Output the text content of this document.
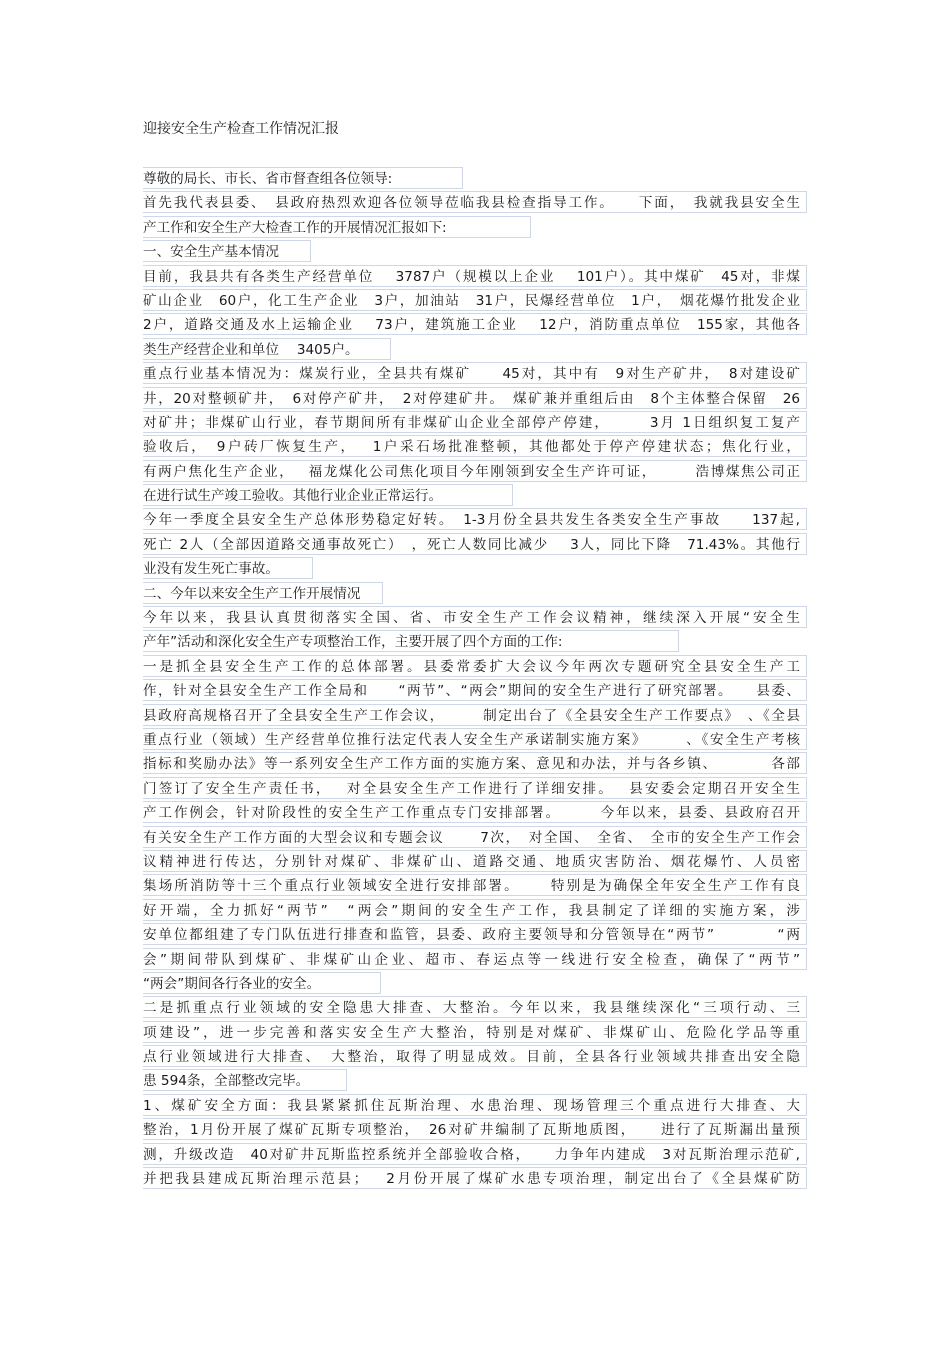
迎接安全生产检查工作情况汇报
尊敬的局长、市长、省市督查组各位领导:
首先我代表县委、　县政府热烈欢迎各位领导莅临我县检查指导工作。　　下面，　我就我县安全生
产工作和安全生产大检查工作的开展情况汇报如下:
一、安全生产基本情况
目前，我县共有各类生产经营单位　 3787户（规模以上企业　 101户）。其中煤矿　45对，非煤
矿山企业　60户，化工生产企业　3户，加油站　31户，民爆经营单位　1户，　烟花爆竹批发企业
2户，道路交通及水上运输企业　 73户，建筑施工企业　 12户，消防重点单位　155家，其他各
类生产经营企业和单位　 3405户。
重点行业基本情况为：煤炭行业，全县共有煤矿　　45对，其中有　9对生产矿井，　8对建设矿
井，20对整顿矿井，　6对停产矿井，　2对停建矿井。　煤矿兼并重组后由　8个主体整合保留　26
对矿井；非煤矿山行业，春节期间所有非煤矿山企业全部停产停建，　　　3月 1日组织复工复产
验收后，　9户砖厂恢复生产，　 1户采石场批准整顿，其他都处于停产停建状态；焦化行业，
有两户焦化生产企业，　 福龙煤化公司焦化项目今年刚领到安全生产许可证，　　　浩博煤焦公司正
在进行试生产竣工验收。其他行业企业正常运行。
今年一季度全县安全生产总体形势稳定好转。　1-3月份全县共发生各类安全生产事故　　137起,
死亡 2人（全部因道路交通事故死亡）　，死亡人数同比减少　 3人，同比下降　71.43%。其他行
业没有发生死亡事故。
二、今年以来安全生产工作开展情况
今年以来，我县认真贯彻落实全国、省、市安全生产工作会议精神，继续深入开展“安全生
产年”活动和深化安全生产专项整治工作，主要开展了四个方面的工作:
一是抓全县安全生产工作的总体部署。县委常委扩大会议今年两次专题研究全县安全生产工
作，针对全县安全生产工作全局和　　“两节”、“两会”期间的安全生产进行了研究部署。　　县委、
县政府高规格召开了全县安全生产工作会议，　　　制定出台了《全县安全生产工作要点》　、《全县
重点行业（领域）生产经营单位推行法定代表人安全生产承诺制实施方案》　　　、《安全生产考核
指标和奖励办法》等一系列安全生产工作方面的实施方案、意见和办法，并与各乡镇、　　　　各部
门签订了安全生产责任书，　 对全县安全生产工作进行了详细安排。　 县安委会定期召开安全生
产工作例会，针对阶段性的安全生产工作重点专门安排部署。　　　今年以来，县委、县政府召开
有关安全生产工作方面的大型会议和专题会议　　 7次，　对全国、　全省、　全市的安全生产工作会
议精神进行传达，分别针对煤矿、非煤矿山、道路交通、地质灾害防治、烟花爆竹、人员密
集场所消防等十三个重点行业领域安全进行安排部署。　　 特别是为确保全年安全生产工作有良
好开端，全力抓好“两节”　“两会”期间的安全生产工作，我县制定了详细的实施方案，涉
安单位都组建了专门队伍进行排查和监管，县委、政府主要领导和分管领导在“两节”　　　　“两
会”期间带队到煤矿、非煤矿山企业、超市、春运点等一线进行安全检查，确保了“两节”
“两会”期间各行各业的安全。
二是抓重点行业领域的安全隐患大排查、大整治。今年以来，我县继续深化“三项行动、三
项建设”，进一步完善和落实安全生产大整治，特别是对煤矿、非煤矿山、危险化学品等重
点行业领域进行大排查、　大整治，取得了明显成效。目前，全县各行业领域共排查出安全隐
患 594条，全部整改完毕。
1、煤矿安全方面：我县紧紧抓住瓦斯治理、水患治理、现场管理三个重点进行大排查、大
整治，1月份开展了煤矿瓦斯专项整治，　26对矿井编制了瓦斯地质图，　　进行了瓦斯漏出量预
测，升级改造　40对矿井瓦斯监控系统并全部验收合格，　　力争年内建成　3对瓦斯治理示范矿,
并把我县建成瓦斯治理示范县；　 2月份开展了煤矿水患专项治理，制定出台了《全县煤矿防
